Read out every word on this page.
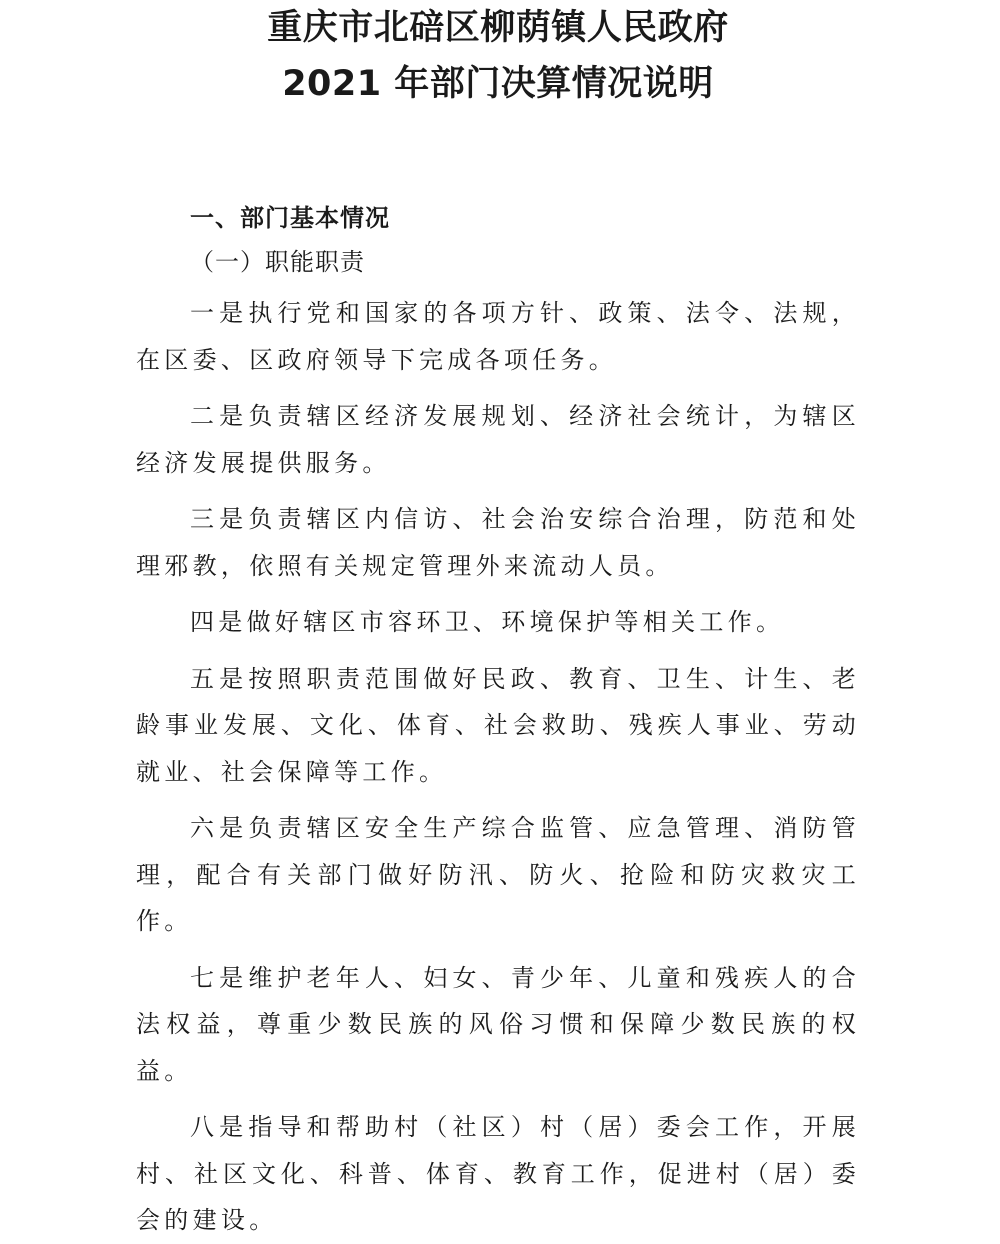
重庆市北碚区柳荫镇人民政府
2021 年部门决算情况说明

一、部门基本情况

（一）职能职责

一是执行党和国家的各项方针、政策、法令、法规，在区委、区政府领导下完成各项任务。

二是负责辖区经济发展规划、经济社会统计，为辖区经济发展提供服务。

三是负责辖区内信访、社会治安综合治理，防范和处理邪教，依照有关规定管理外来流动人员。

四是做好辖区市容环卫、环境保护等相关工作。

五是按照职责范围做好民政、教育、卫生、计生、老龄事业发展、文化、体育、社会救助、残疾人事业、劳动就业、社会保障等工作。

六是负责辖区安全生产综合监管、应急管理、消防管理，配合有关部门做好防汛、防火、抢险和防灾救灾工作。

七是维护老年人、妇女、青少年、儿童和残疾人的合法权益，尊重少数民族的风俗习惯和保障少数民族的权益。

八是指导和帮助村（社区）村（居）委会工作，开展村、社区文化、科普、体育、教育工作，促进村（居）委会的建设。
